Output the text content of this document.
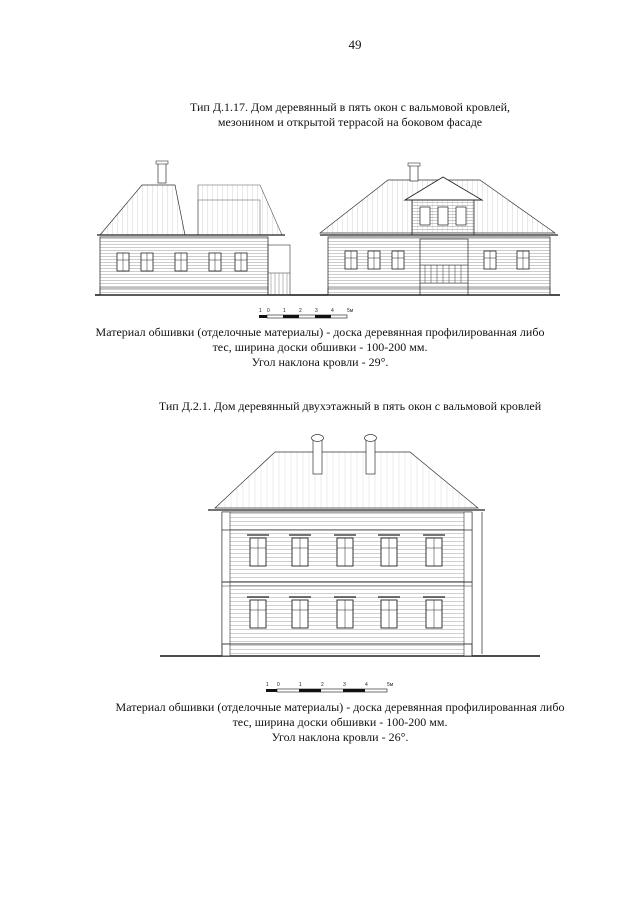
49
Тип Д.1.17. Дом деревянный в пять окон с вальмовой кровлей,
мезонином и открытой террасой на боковом фасаде
1 0	1	2	3	4	5м
Материал обшивки (отделочные материалы) - доска деревянная профилированная либо
тес, ширина доски обшивки - 100-200 мм.
Угол наклона кровли - 29°.
Тип Д.2.1. Дом деревянный двухэтажный в пять окон с вальмовой кровлей
1 0	1	2	3	4	5м
Материал обшивки (отделочные материалы) - доска деревянная профилированная либо
тес, ширина доски обшивки - 100-200 мм.
Угол наклона кровли - 26°.
